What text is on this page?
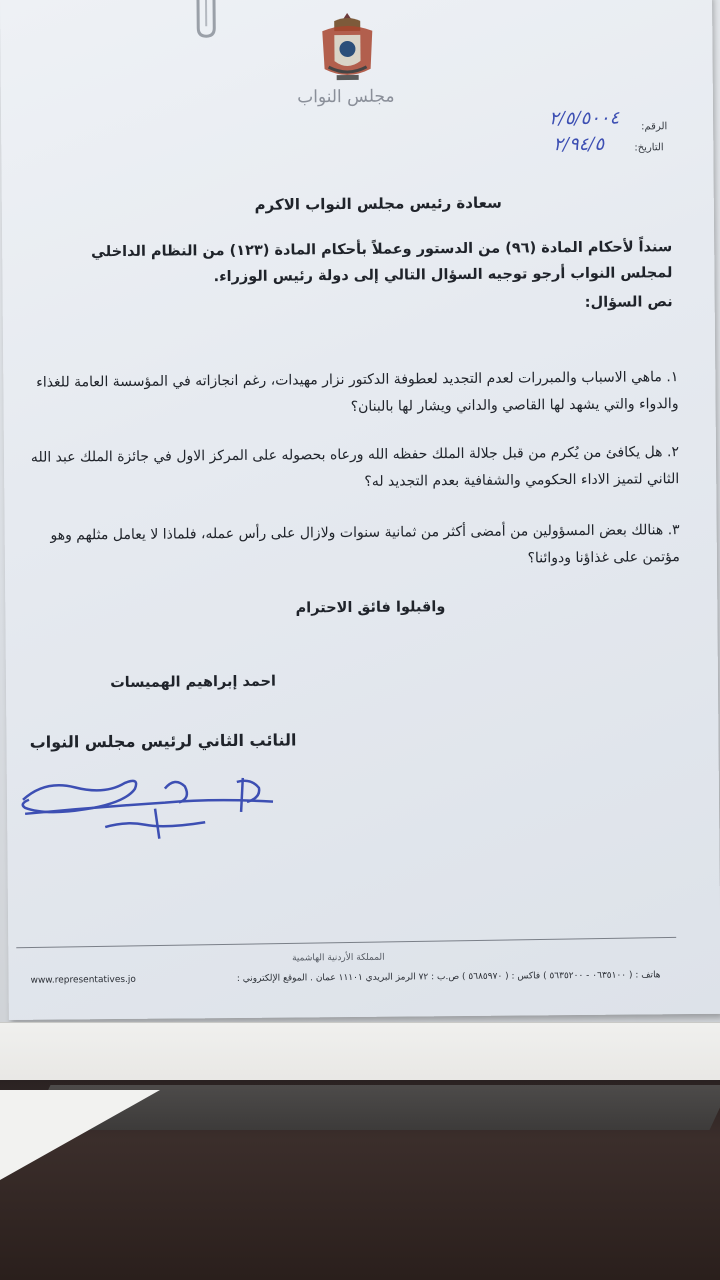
مجلس النواب
الرقم:
٢/٥/٥٠٠٤
التاريخ:
٢/٩٤/٥
سعادة رئيس مجلس النواب الاكرم
سنداً لأحكام المادة (٩٦) من الدستور وعملاً بأحكام المادة (١٢٣) من النظام الداخلي لمجلس النواب أرجو توجيه السؤال التالي إلى دولة رئيس الوزراء.
نص السؤال:
١. ماهي الاسباب والمبررات لعدم التجديد لعطوفة الدكتور نزار مهيدات، رغم انجازاته في المؤسسة العامة للغذاء والدواء والتي يشهد لها القاصي والداني ويشار لها بالبنان؟
٢. هل يكافئ من يُكرم من قبل جلالة الملك حفظه الله ورعاه بحصوله على المركز الاول في جائزة الملك عبد الله الثاني لتميز الاداء الحكومي والشفافية بعدم التجديد له؟
٣. هنالك بعض المسؤولين من أمضى أكثر من ثمانية سنوات ولازال على رأس عمله، فلماذا لا يعامل مثلهم وهو مؤتمن على غذاؤنا ودوائنا؟
واقبلوا فائق الاحترام
احمد إبراهيم الهميسات
النائب الثاني لرئيس مجلس النواب
المملكة الأردنية الهاشمية
هاتف : ( ٠٦٣٥١٠٠ - ٥٦٣٥٢٠٠ ) فاكس : ( ٥٦٨٥٩٧٠ ) ص.ب : ٧٢ الرمز البريدي ١١١٠١ عمان . الموقع الإلكتروني :
www.representatives.jo
